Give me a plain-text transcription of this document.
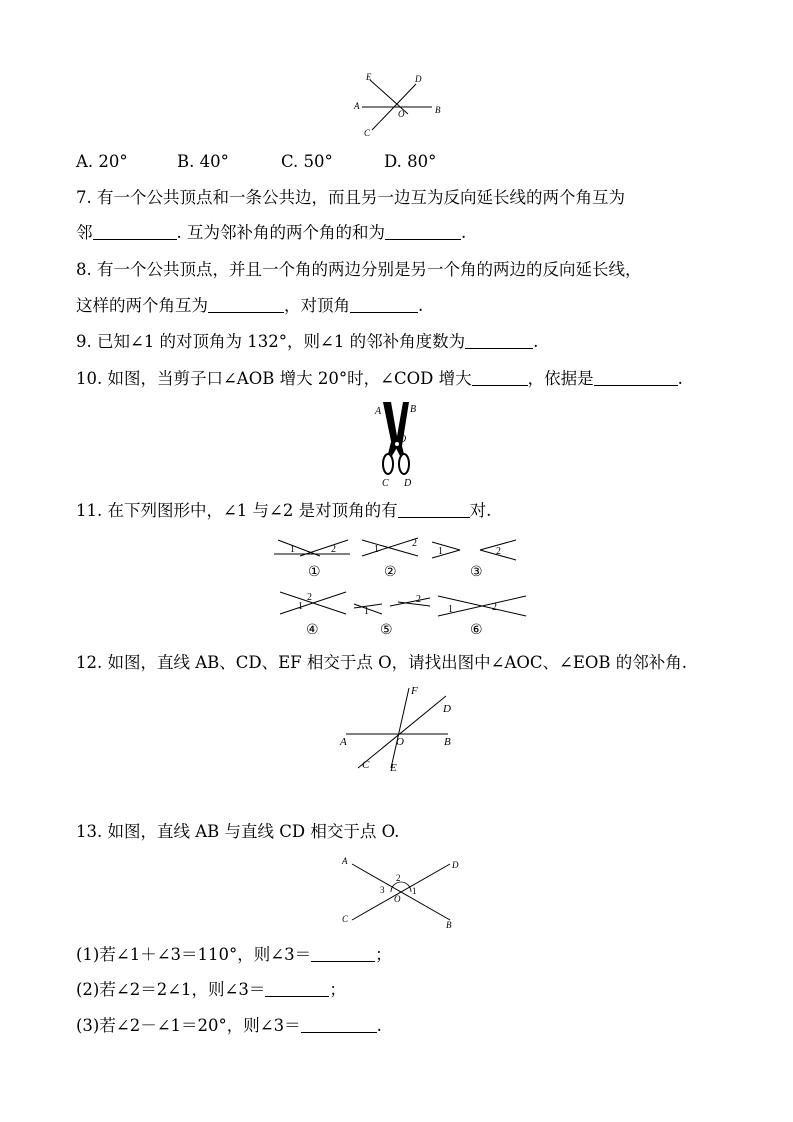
E	D
A
O	B
C
A. 20°	B. 40°	C. 50°	D. 80°
7. 有一个公共顶点和一条公共边，而且另一边互为反向延长线的两个角互为
邻	. 互为邻补角的两个角的和为	.
8. 有一个公共顶点，并且一个角的两边分别是另一个角的两边的反向延长线，
这样的两个角互为	，对顶角	.
9. 已知∠1 的对顶角为 132°，则∠1 的邻补角度数为	.
10. 如图，当剪子口∠AOB 增大 20°时，∠COD 增大	，依据是	.
A	B
O
C D
11. 在下列图形中，∠1 与∠2 是对顶角的有	对.
1	2
①
1
2
②
1	2
③
1
2
④
1
2
⑤
1	2
⑥
12. 如图，直线 AB、CD、EF 相交于点 O，请找出图中∠AOC、∠EOB 的邻补角.
F
D
A	O	B
C E
13. 如图，直线 AB 与直线 CD 相交于点 O.
A	D
2
3	1
O
C
B
(1)若∠1＋∠3＝110°，则∠3＝	；
(2)若∠2＝2∠1，则∠3＝	；
(3)若∠2－∠1＝20°，则∠3＝	.
